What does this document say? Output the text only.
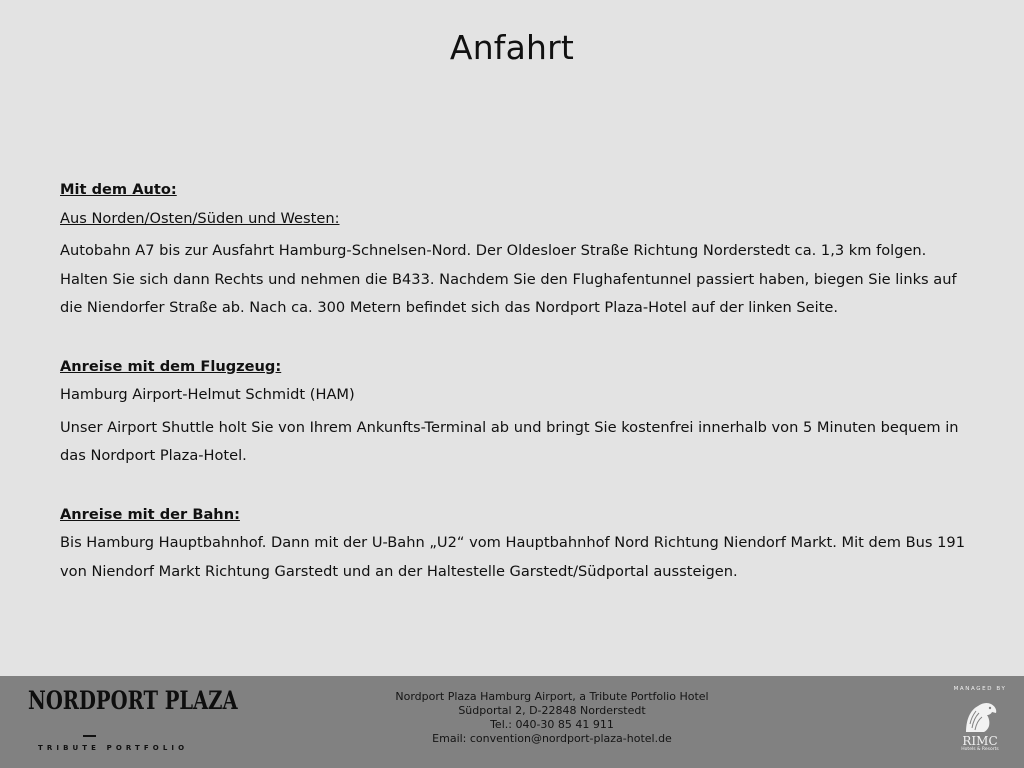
Anfahrt
Mit dem Auto:
Aus Norden/Osten/Süden und Westen:
Autobahn A7 bis zur Ausfahrt Hamburg-Schnelsen-Nord. Der Oldesloer Straße Richtung Norderstedt ca. 1,3 km folgen.
Halten Sie sich dann Rechts und nehmen die B433. Nachdem Sie den Flughafentunnel passiert haben, biegen Sie links auf
die Niendorfer Straße ab. Nach ca. 300 Metern befindet sich das Nordport Plaza-Hotel auf der linken Seite.
Anreise mit dem Flugzeug:
Hamburg Airport-Helmut Schmidt (HAM)
Unser Airport Shuttle holt Sie von Ihrem Ankunfts-Terminal ab und bringt Sie kostenfrei innerhalb von 5 Minuten bequem in
das Nordport Plaza-Hotel.
Anreise mit der Bahn:
Bis Hamburg Hauptbahnhof. Dann mit der U-Bahn „U2“ vom Hauptbahnhof Nord Richtung Niendorf Markt. Mit dem Bus 191
von Niendorf Markt Richtung Garstedt und an der Haltestelle Garstedt/Südportal aussteigen.
NORDPORT PLAZA
TRIBUTE PORTFOLIO
Nordport Plaza Hamburg Airport, a Tribute Portfolio Hotel
Südportal 2, D-22848 Norderstedt
Tel.: 040-30 85 41 911
Email: convention@nordport-plaza-hotel.de
MANAGED BY
RIMC
Hotels & Resorts
